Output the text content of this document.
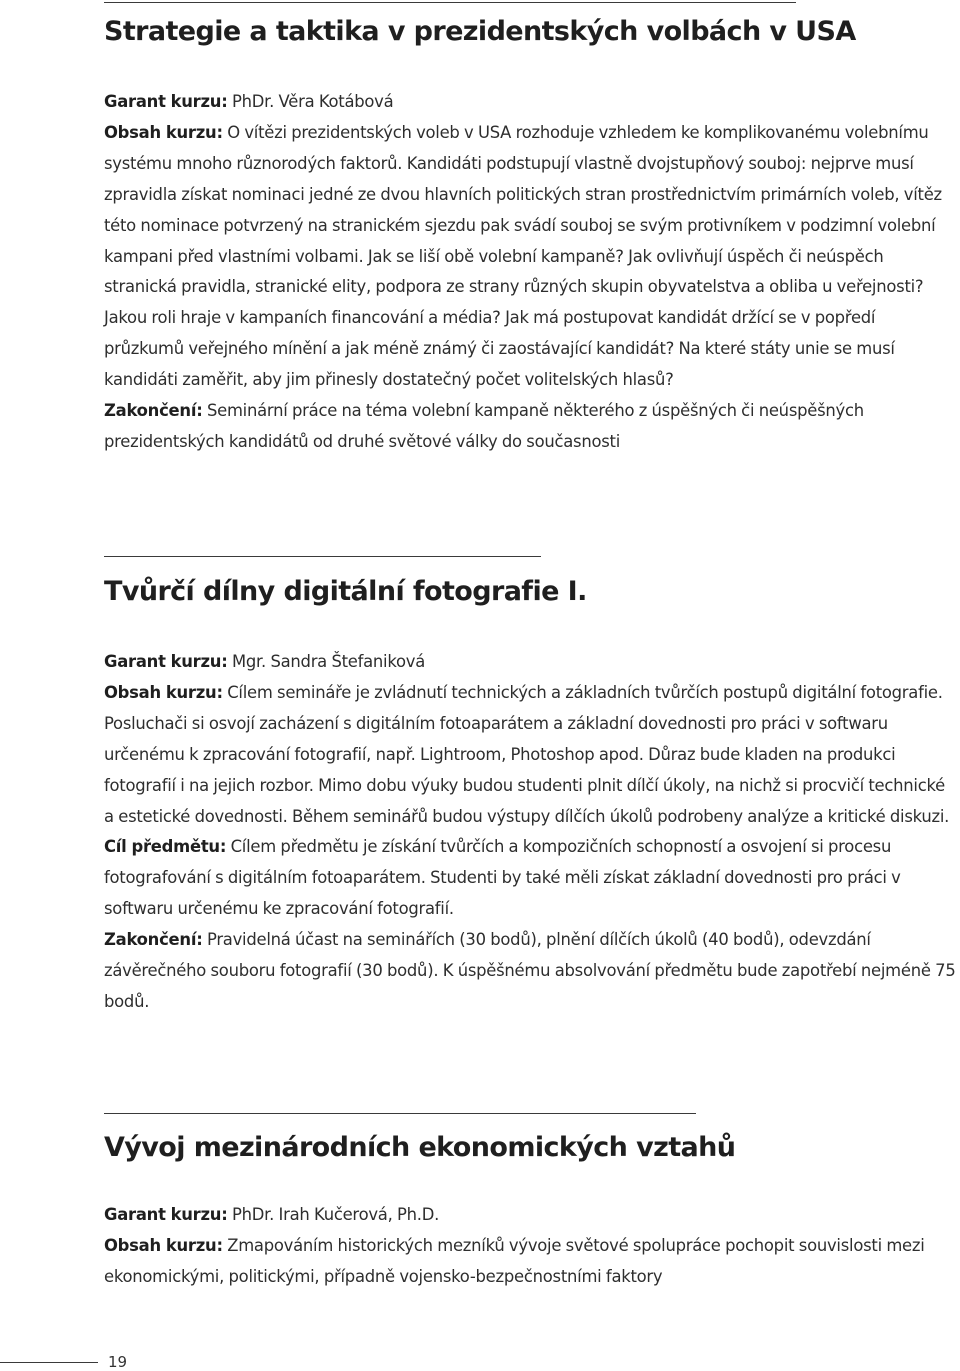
Strategie a taktika v prezidentských volbách v USA

Garant kurzu: PhDr. Věra Kotábová

Obsah kurzu: O vítězi prezidentských voleb v USA rozhoduje vzhledem ke komplikovanému volebnímu systému mnoho různorodých faktorů. Kandidáti podstupují vlastně dvojstupňový souboj: nejprve musí zpravidla získat nominaci jedné ze dvou hlavních politických stran prostřednictvím primárních voleb, vítěz této nominace potvrzený na stranickém sjezdu pak svádí souboj se svým protivníkem v podzimní volební kampani před vlastními volbami. Jak se liší obě volební kampaně? Jak ovlivňují úspěch či neúspěch stranická pravidla, stranické elity, podpora ze strany různých skupin obyvatelstva a obliba u veřejnosti? Jakou roli hraje v kampaních financování a média? Jak má postupovat kandidát držící se v popředí průzkumů veřejného mínění a jak méně známý či zaostávající kandidát? Na které státy unie se musí kandidáti zaměřit, aby jim přinesly dostatečný počet volitelských hlasů?

Zakončení: Seminární práce na téma volební kampaně některého z úspěšných či neúspěšných prezidentských kandidátů od druhé světové války do současnosti

Tvůrčí dílny digitální fotografie I.

Garant kurzu: Mgr. Sandra Štefaniková

Obsah kurzu: Cílem semináře je zvládnutí technických a základních tvůrčích postupů digitální fotografie. Posluchači si osvojí zacházení s digitálním fotoaparátem a základní dovednosti pro práci v softwaru určenému k zpracování fotografií, např. Lightroom, Photoshop apod. Důraz bude kladen na produkci fotografií i na jejich rozbor. Mimo dobu výuky budou studenti plnit dílčí úkoly, na nichž si procvičí technické a estetické dovednosti. Během seminářů budou výstupy dílčích úkolů podrobeny analýze a kritické diskuzi.

Cíl předmětu: Cílem předmětu je získání tvůrčích a kompozičních schopností a osvojení si procesu fotografování s digitálním fotoaparátem. Studenti by také měli získat základní dovednosti pro práci v softwaru určenému ke zpracování fotografií.

Zakončení: Pravidelná účast na seminářích (30 bodů), plnění dílčích úkolů (40 bodů), odevzdání závěrečného souboru fotografií (30 bodů). K úspěšnému absolvování předmětu bude zapotřebí nejméně 75 bodů.

Vývoj mezinárodních ekonomických vztahů

Garant kurzu: PhDr. Irah Kučerová, Ph.D.

Obsah kurzu: Zmapováním historických mezníků vývoje světové spolupráce pochopit souvislosti mezi ekonomickými, politickými, případně vojensko-bezpečnostními faktory

19
